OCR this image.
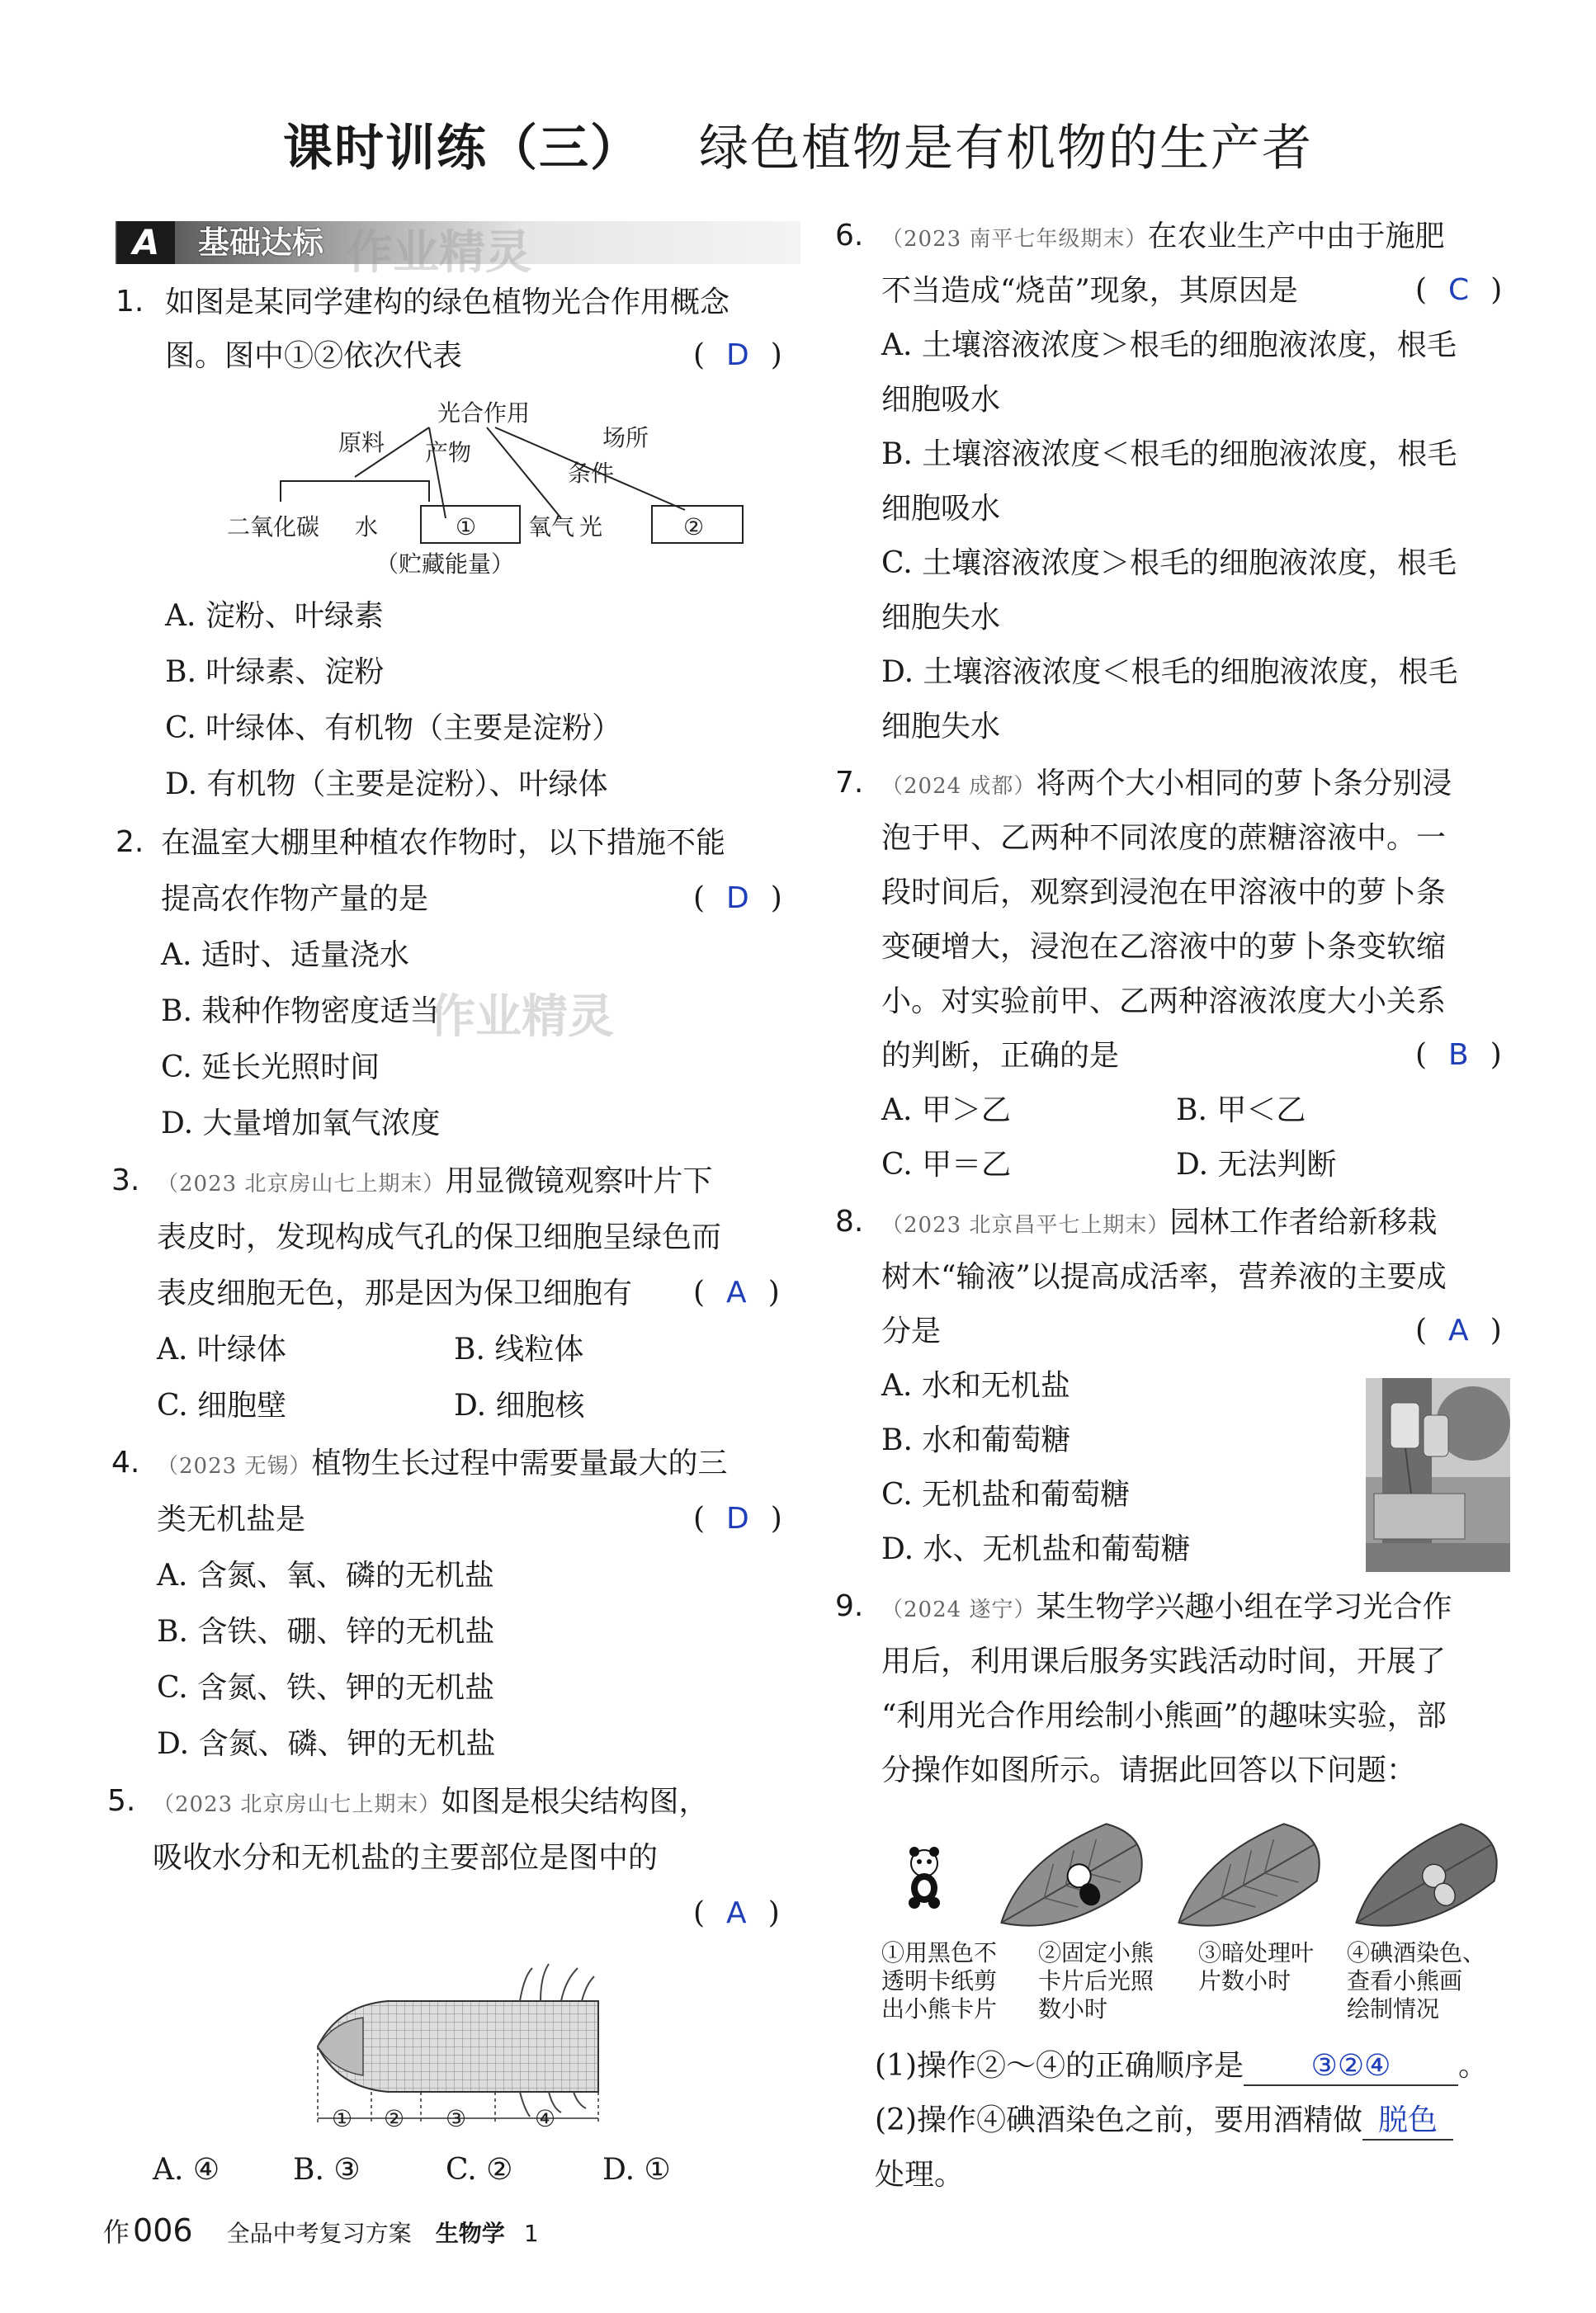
课时训练（三） 绿色植物是有机物的生产者
A	基础达标 作业精灵
作业精灵
1. 如图是某同学建构的绿色植物光合作用概念
图。图中①②依次代表	( D )
光合作用
原料 产物
条件
场所
二氧化碳 水	① 氧气 光	②
（贮藏能量）
A. 淀粉、叶绿素
B. 叶绿素、淀粉
C. 叶绿体、有机物（主要是淀粉）
D. 有机物（主要是淀粉）、叶绿体
2. 在温室大棚里种植农作物时，以下措施不能
提高农作物产量的是	( D )
A. 适时、适量浇水
B. 栽种作物密度适当
C. 延长光照时间
D. 大量增加氧气浓度
3. （2023 北京房山七上期末）用显微镜观察叶片下
表皮时，发现构成气孔的保卫细胞呈绿色而
表皮细胞无色，那是因为保卫细胞有 ( A )
A. 叶绿体	B. 线粒体
C. 细胞壁	D. 细胞核
4. （2023 无锡）植物生长过程中需要量最大的三
类无机盐是	( D )
A. 含氮、氧、磷的无机盐
B. 含铁、硼、锌的无机盐
C. 含氮、铁、钾的无机盐
D. 含氮、磷、钾的无机盐
5. （2023 北京房山七上期末）如图是根尖结构图，
吸收水分和无机盐的主要部位是图中的
( A )
① ② ③	④
A. ④ B. ③	C. ②	D. ①
作 006 全品中考复习方案 生物学 1
6. （2023 南平七年级期末）在农业生产中由于施肥
不当造成“烧苗”现象，其原因是	( C )
A. 土壤溶液浓度＞根毛的细胞液浓度，根毛
细胞吸水
B. 土壤溶液浓度＜根毛的细胞液浓度，根毛
细胞吸水
C. 土壤溶液浓度＞根毛的细胞液浓度，根毛
细胞失水
D. 土壤溶液浓度＜根毛的细胞液浓度，根毛
细胞失水
7. （2024 成都）将两个大小相同的萝卜条分别浸
泡于甲、乙两种不同浓度的蔗糖溶液中。一
段时间后，观察到浸泡在甲溶液中的萝卜条
变硬增大，浸泡在乙溶液中的萝卜条变软缩
小。对实验前甲、乙两种溶液浓度大小关系
的判断，正确的是	( B )
A. 甲＞乙	B. 甲＜乙
C. 甲＝乙	D. 无法判断
8. （2023 北京昌平七上期末）园林工作者给新移栽
树木“输液”以提高成活率，营养液的主要成
分是	( A )
A. 水和无机盐
B. 水和葡萄糖
C. 无机盐和葡萄糖
D. 水、无机盐和葡萄糖
9. （2024 遂宁）某生物学兴趣小组在学习光合作
用后，利用课后服务实践活动时间，开展了
“利用光合作用绘制小熊画”的趣味实验，部
分操作如图所示。请据此回答以下问题：
①用黑色不
透明卡纸剪
出小熊卡片
②固定小熊
卡片后光照
数小时
③暗处理叶
片数小时
④碘酒染色、
查看小熊画
绘制情况
(1)操作②～④的正确顺序是 ③②④ 。
(2)操作④碘酒染色之前，要用酒精做 脱色
处理。
